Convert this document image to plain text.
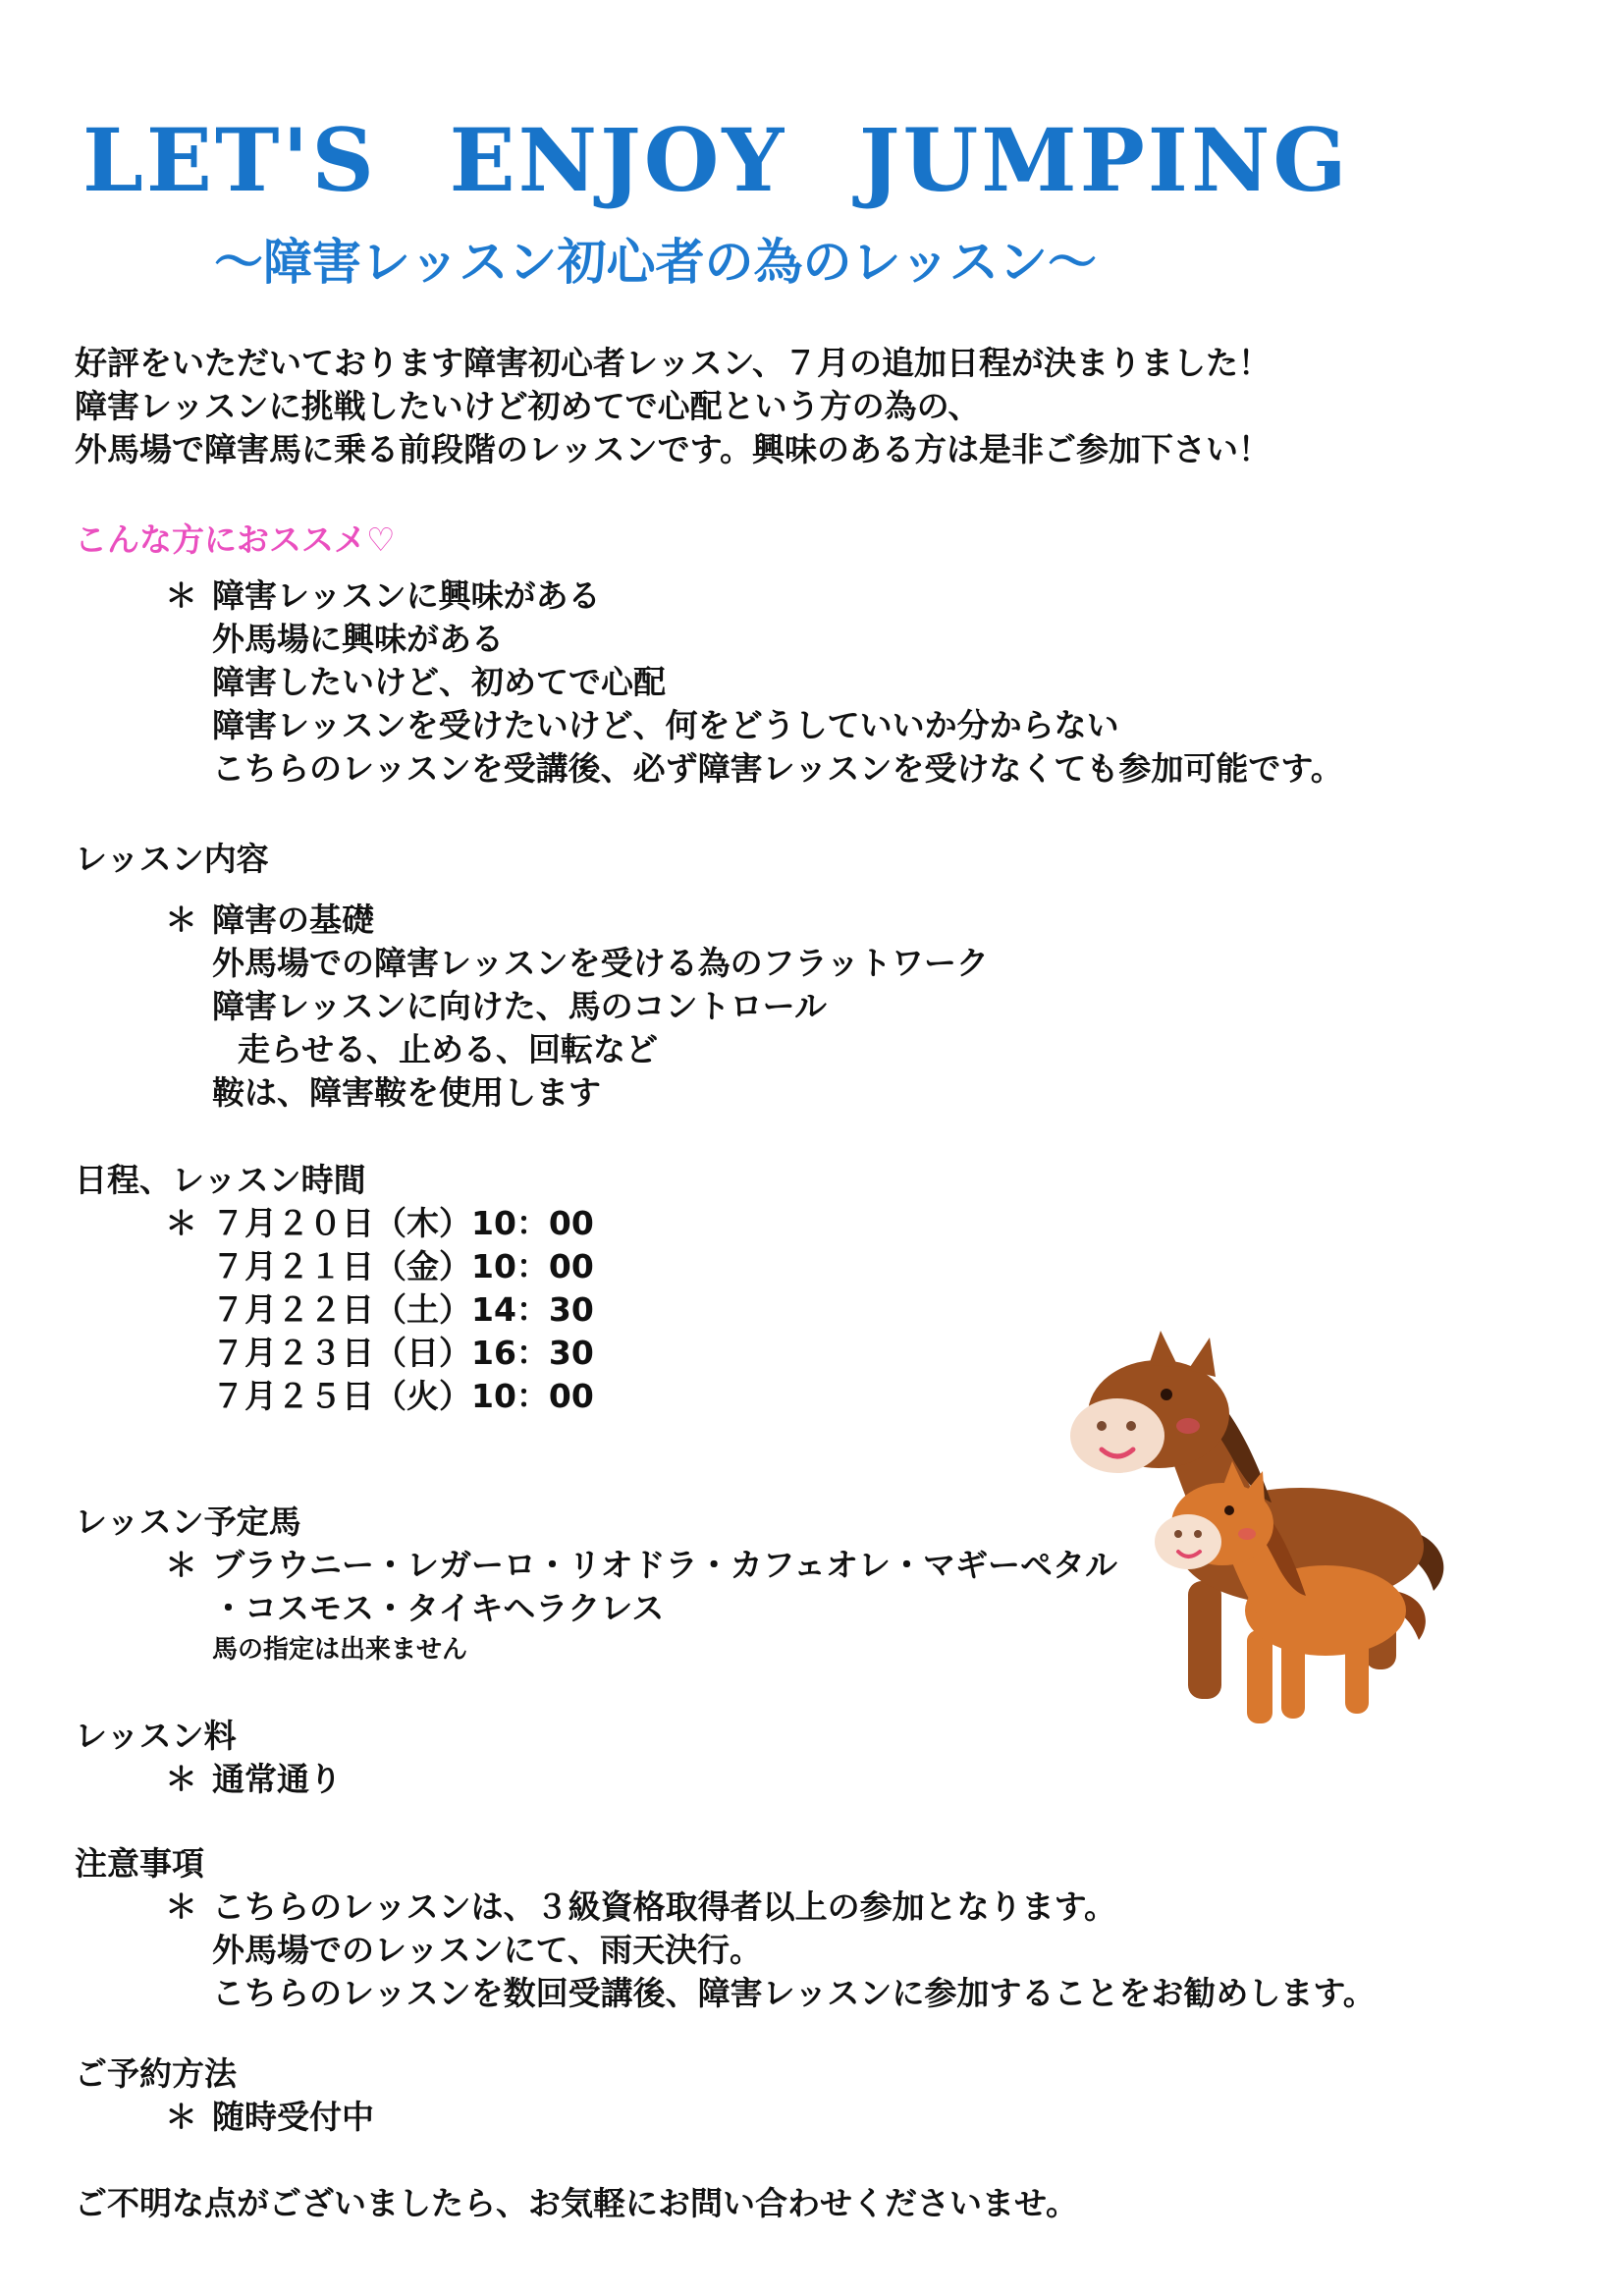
LET'S ENJOY JUMPING
～障害レッスン初心者の為のレッスン～
好評をいただいております障害初心者レッスン、７月の追加日程が決まりました！
障害レッスンに挑戦したいけど初めてで心配という方の為の、
外馬場で障害馬に乗る前段階のレッスンです。興味のある方は是非ご参加下さい！
こんな方におススメ♡
＊ 障害レッスンに興味がある
外馬場に興味がある
障害したいけど、初めてで心配
障害レッスンを受けたいけど、何をどうしていいか分からない
こちらのレッスンを受講後、必ず障害レッスンを受けなくても参加可能です。
レッスン内容
＊ 障害の基礎
外馬場での障害レッスンを受ける為のフラットワーク
障害レッスンに向けた、馬のコントロール
走らせる、止める、回転など
鞍は、障害鞍を使用します
日程、レッスン時間
＊ ７月２０日（木）10：00
７月２１日（金）10：00
７月２２日（土）14：30
７月２３日（日）16：30
７月２５日（火）10：00
レッスン予定馬
＊ ブラウニー・レガーロ・リオドラ・カフェオレ・マギーペタル
・コスモス・タイキヘラクレス
馬の指定は出来ません
レッスン料
＊ 通常通り
注意事項
＊ こちらのレッスンは、３級資格取得者以上の参加となります。
外馬場でのレッスンにて、雨天決行。
こちらのレッスンを数回受講後、障害レッスンに参加することをお勧めします。
ご予約方法
＊ 随時受付中
ご不明な点がございましたら、お気軽にお問い合わせくださいませ。
